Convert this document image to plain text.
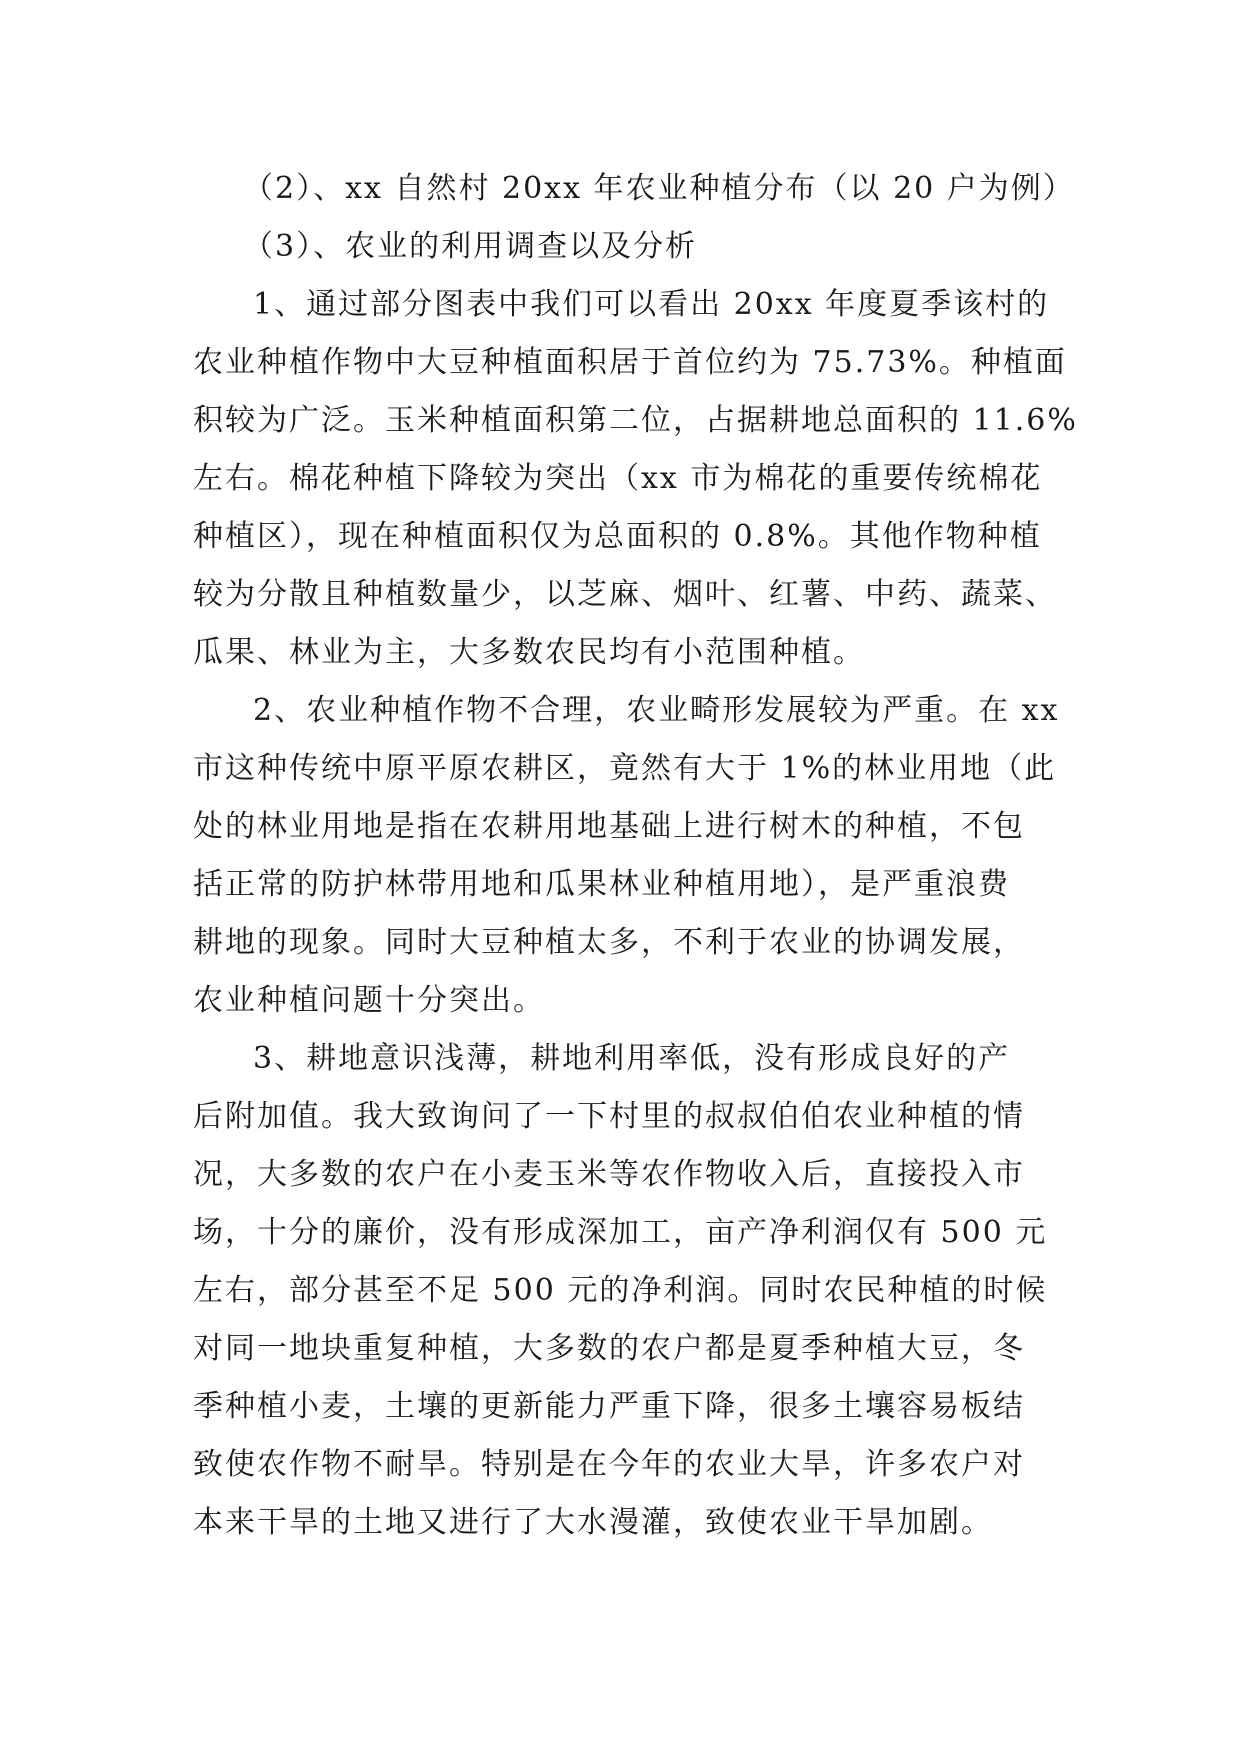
（2）、xx 自然村 20xx 年农业种植分布（以 20 户为例）

（3）、农业的利用调查以及分析

1、通过部分图表中我们可以看出 20xx 年度夏季该村的

农业种植作物中大豆种植面积居于首位约为 75.73%。种植面

积较为广泛。玉米种植面积第二位，占据耕地总面积的 11.6%

左右。棉花种植下降较为突出（xx 市为棉花的重要传统棉花

种植区），现在种植面积仅为总面积的 0.8%。其他作物种植

较为分散且种植数量少，以芝麻、烟叶、红薯、中药、蔬菜、

瓜果、林业为主，大多数农民均有小范围种植。

2、农业种植作物不合理，农业畸形发展较为严重。在 xx

市这种传统中原平原农耕区，竟然有大于 1%的林业用地（此

处的林业用地是指在农耕用地基础上进行树木的种植，不包

括正常的防护林带用地和瓜果林业种植用地），是严重浪费

耕地的现象。同时大豆种植太多，不利于农业的协调发展，

农业种植问题十分突出。

3、耕地意识浅薄，耕地利用率低，没有形成良好的产

后附加值。我大致询问了一下村里的叔叔伯伯农业种植的情

况，大多数的农户在小麦玉米等农作物收入后，直接投入市

场，十分的廉价，没有形成深加工，亩产净利润仅有 500 元

左右，部分甚至不足 500 元的净利润。同时农民种植的时候

对同一地块重复种植，大多数的农户都是夏季种植大豆，冬

季种植小麦，土壤的更新能力严重下降，很多土壤容易板结

致使农作物不耐旱。特别是在今年的农业大旱，许多农户对

本来干旱的土地又进行了大水漫灌，致使农业干旱加剧。
